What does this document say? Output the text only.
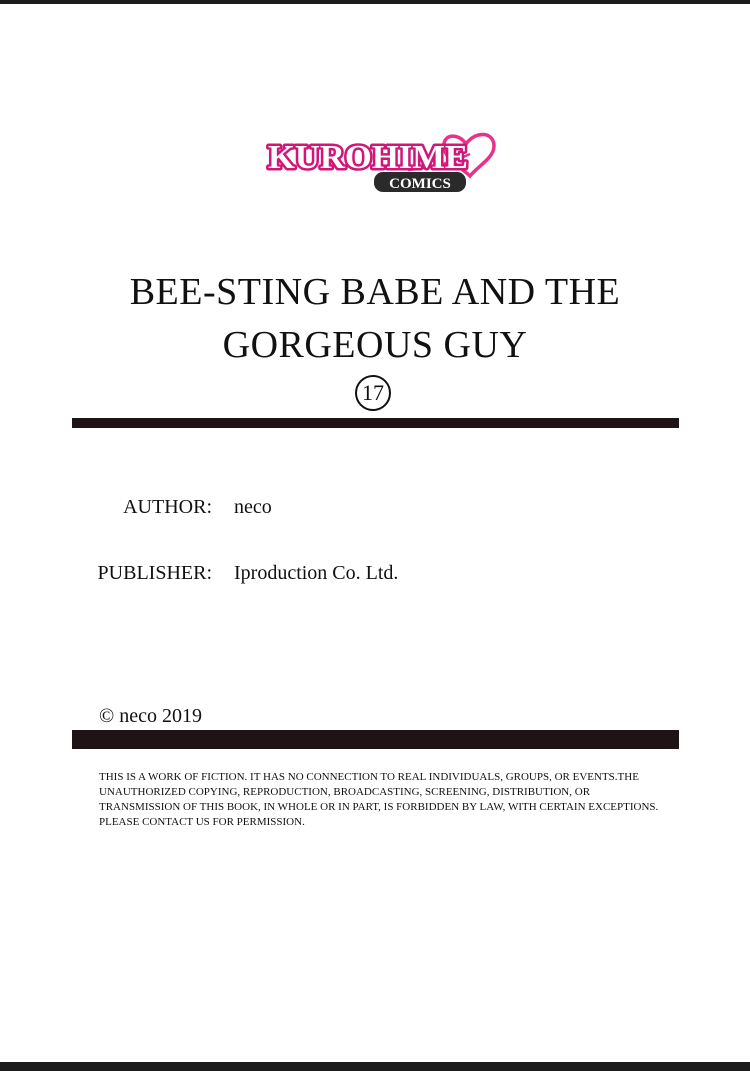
KUROHIME
COMICS
BEE-STING BABE AND THE
GORGEOUS GUY
17
AUTHOR: neco
PUBLISHER: Iproduction Co. Ltd.
© neco 2019
THIS IS A WORK OF FICTION. IT HAS NO CONNECTION TO REAL INDIVIDUALS, GROUPS, OR EVENTS.THE UNAUTHORIZED COPYING, REPRODUCTION, BROADCASTING, SCREENING, DISTRIBUTION, OR TRANSMISSION OF THIS BOOK, IN WHOLE OR IN PART, IS FORBIDDEN BY LAW, WITH CERTAIN EXCEPTIONS. PLEASE CONTACT US FOR PERMISSION.
